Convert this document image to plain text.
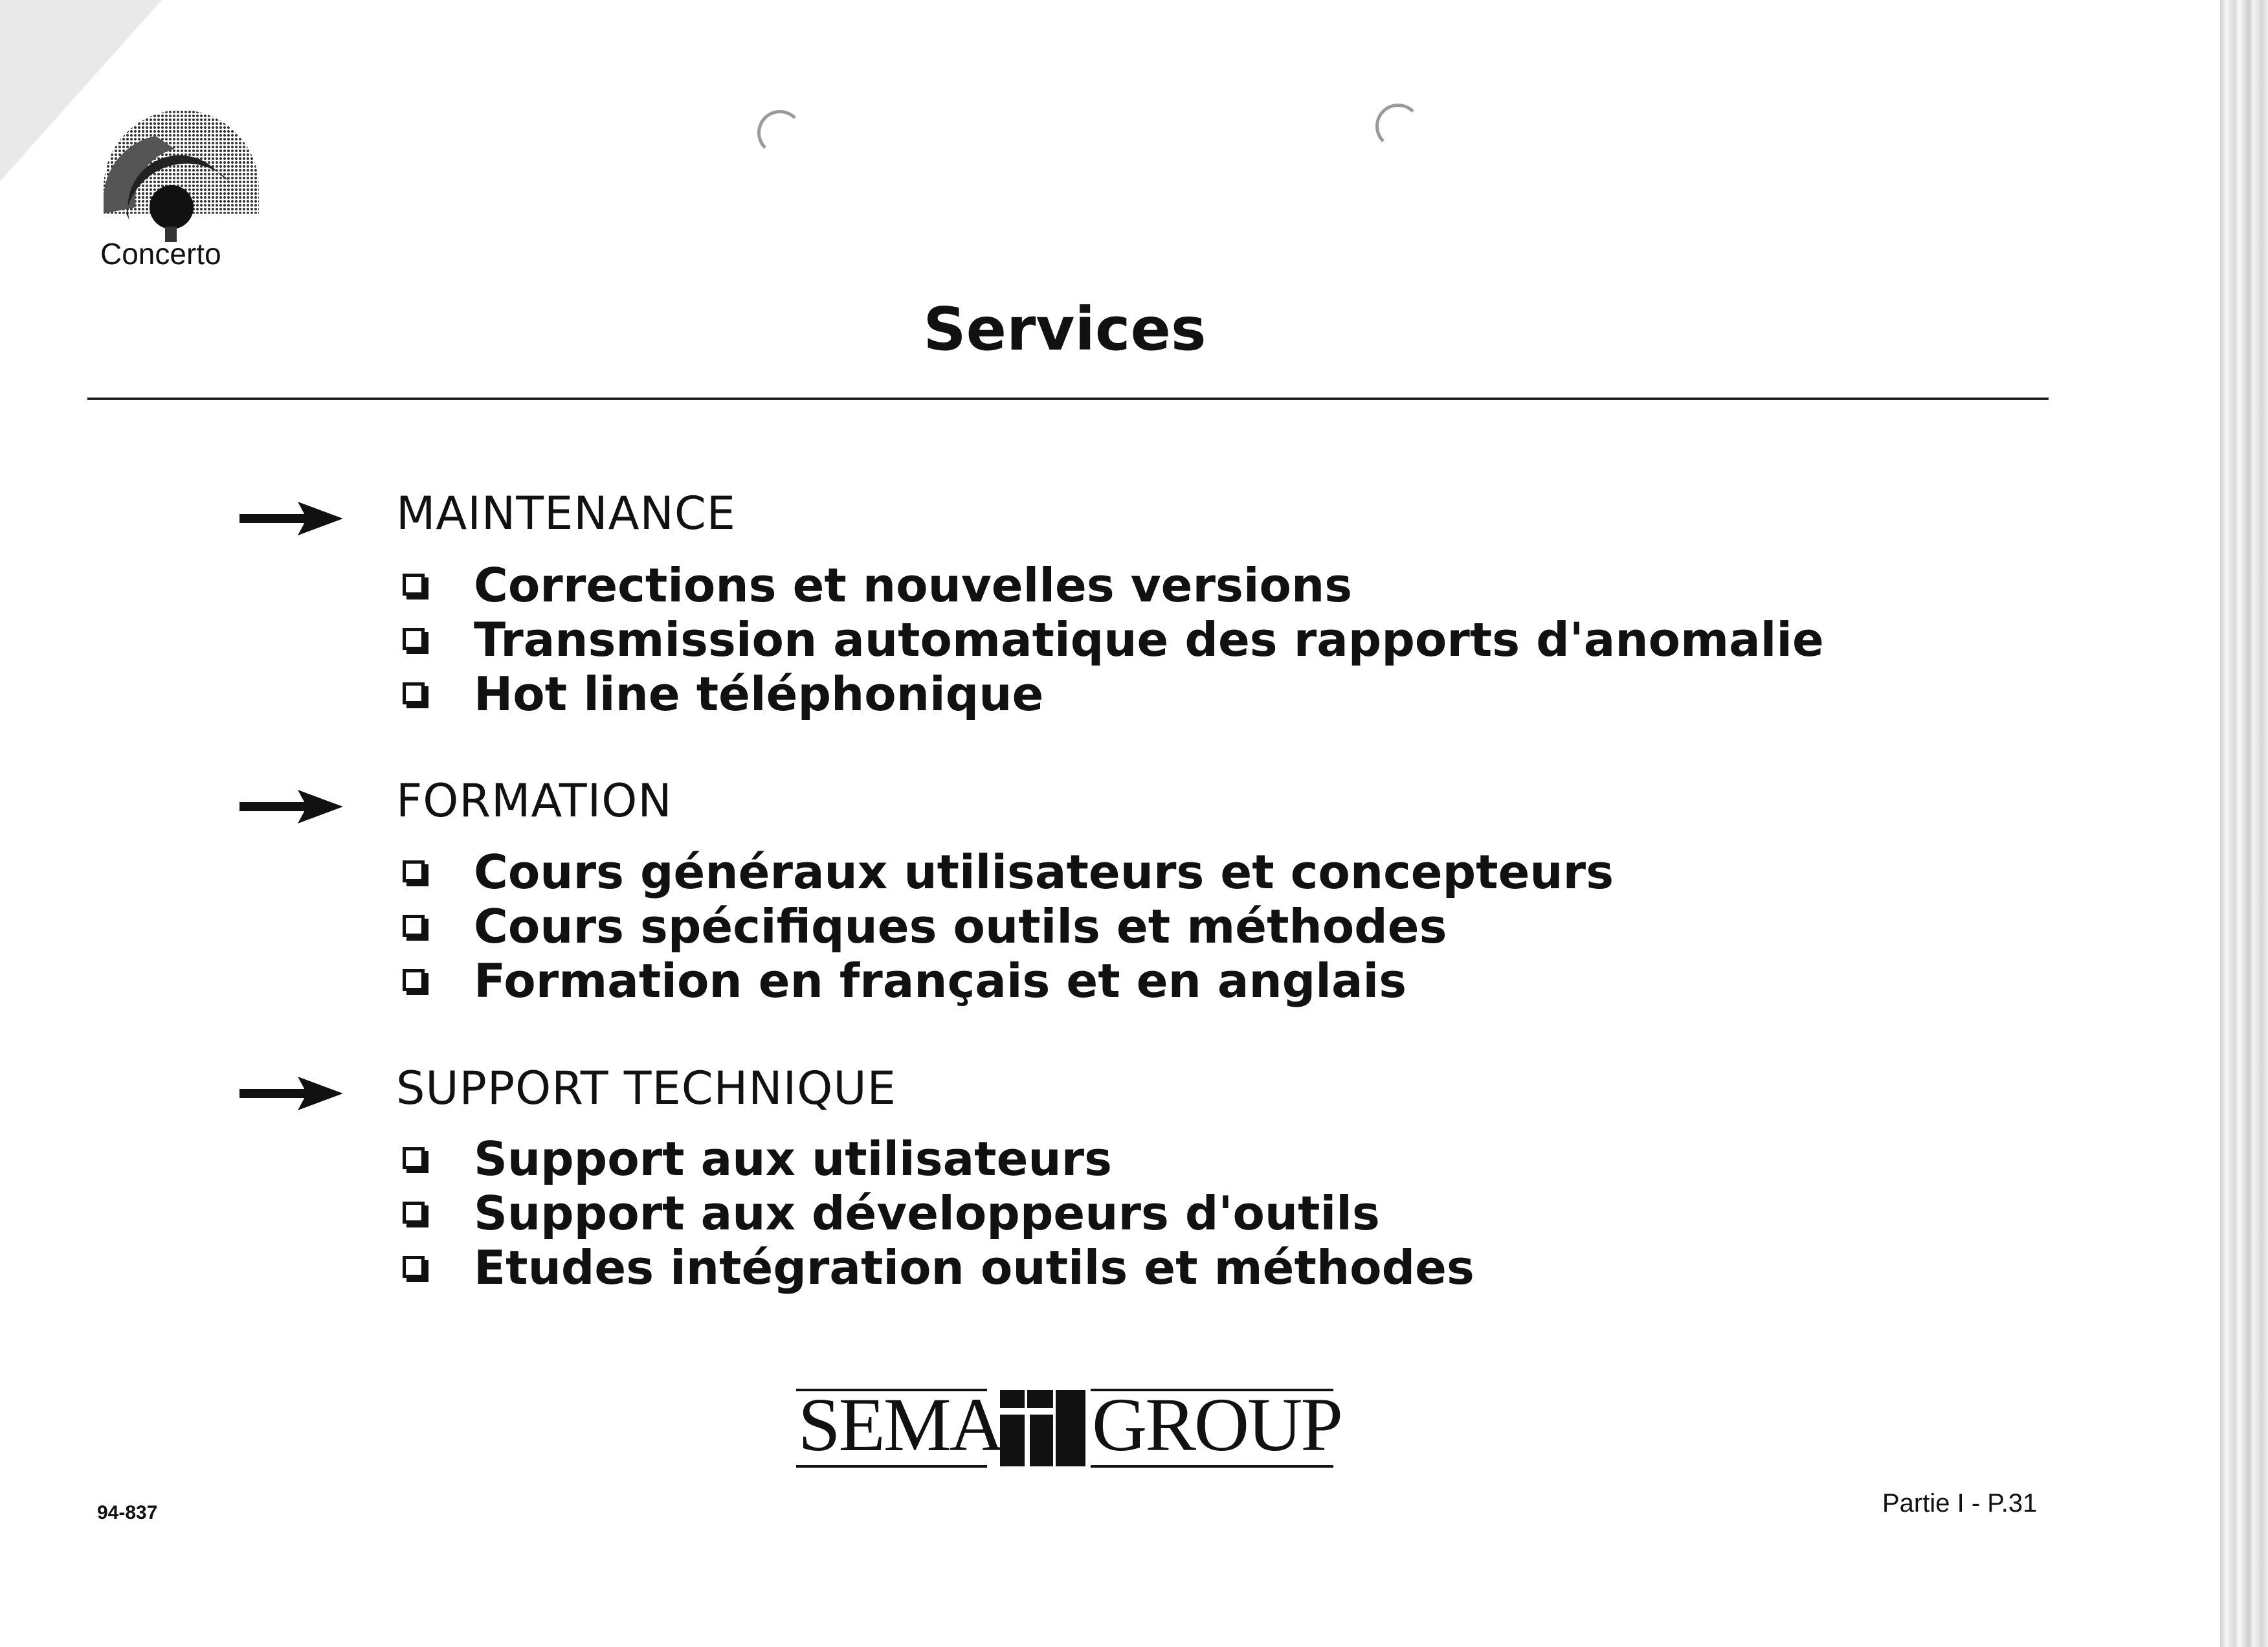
Concerto
Services
MAINTENANCE
Corrections et nouvelles versions
Transmission automatique des rapports d'anomalie
Hot line téléphonique
FORMATION
Cours généraux utilisateurs et concepteurs
Cours spécifiques outils et méthodes
Formation en français et en anglais
SUPPORT TECHNIQUE
Support aux utilisateurs
Support aux développeurs d'outils
Etudes intégration outils et méthodes
SEMA GROUP
94-837	Partie I - P.31
